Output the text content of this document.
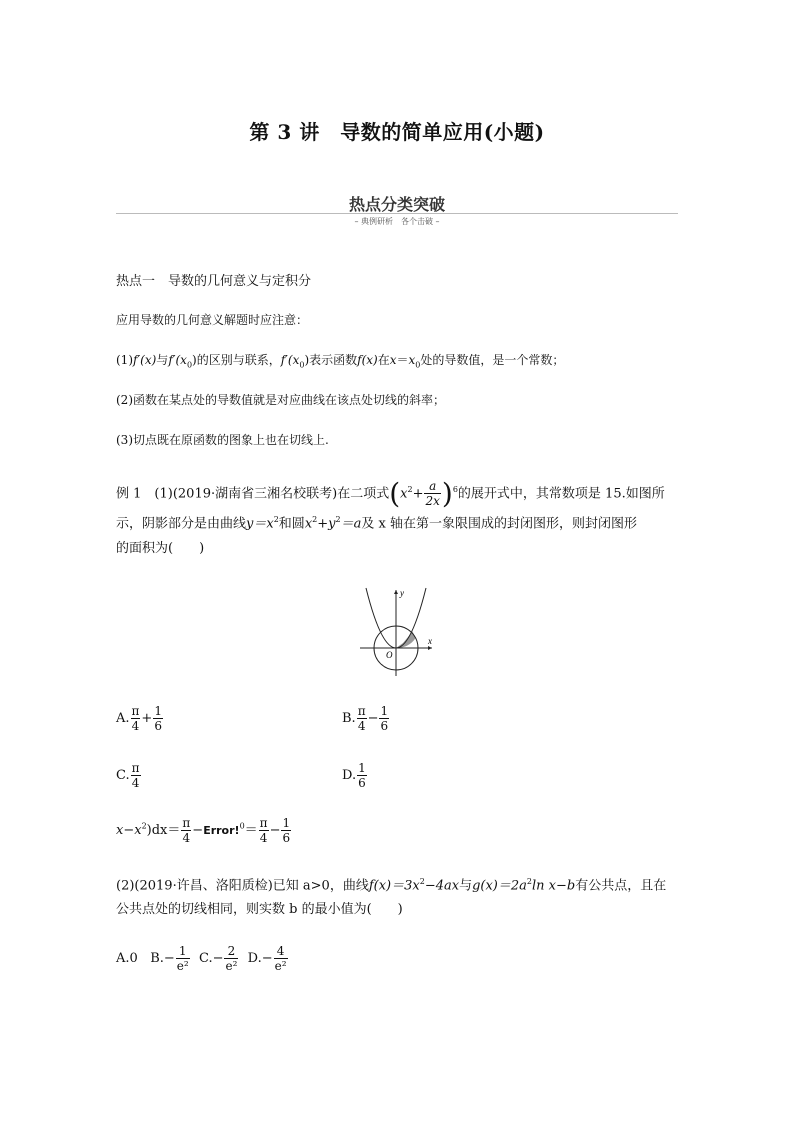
第 3 讲　导数的简单应用(小题)
热点分类突破
– 典例研析　各个击破 –
热点一　导数的几何意义与定积分
应用导数的几何意义解题时应注意：
(1)f′(x)与$f'(x_0)$的区别与联系，$f'(x_0)$表示函数f(x)在$x=x_0$处的导数值，是一个常数；
(2)函数在某点处的导数值就是对应曲线在该点处切线的斜率；
(3)切点既在原函数的图象上也在切线上.
例 1　 (1)(2019·湖南省三湘名校联考)在二项式$(x^2+ \frac{a}{2x} )^6$的展开式中，其常数项是 15.如图所
示，阴影部分是由曲线$y=x^2$和圆$x^2+y^2=a$及 x 轴在第一象限围成的封闭图形，则封闭图形
的面积为(　　)
x
y
O
A. $\frac{\pi}{4} + \frac{1}{6}$	B. $\frac{\pi}{4} - \frac{1}{6}$
C. $\frac{\pi}{4}$	D. $\frac{1}{6}$
$x-x^2)dx= \frac{\pi}{4}$ −Error!$^0$＝ $\frac{\pi}{4} - \frac{1}{6}$
(2)(2019·许昌、洛阳质检)已知 a>0，曲线$f(x)=3x^2-4ax$与$g(x)=2a^2\ln$ x−b有公共点，且在
公共点处的切线相同，则实数 b 的最小值为(　　)
A.0 $B.- \frac{1}{\text{e²}} C.- \frac{2}{\text{e²}} D.- \frac{4}{\text{e²}}$
